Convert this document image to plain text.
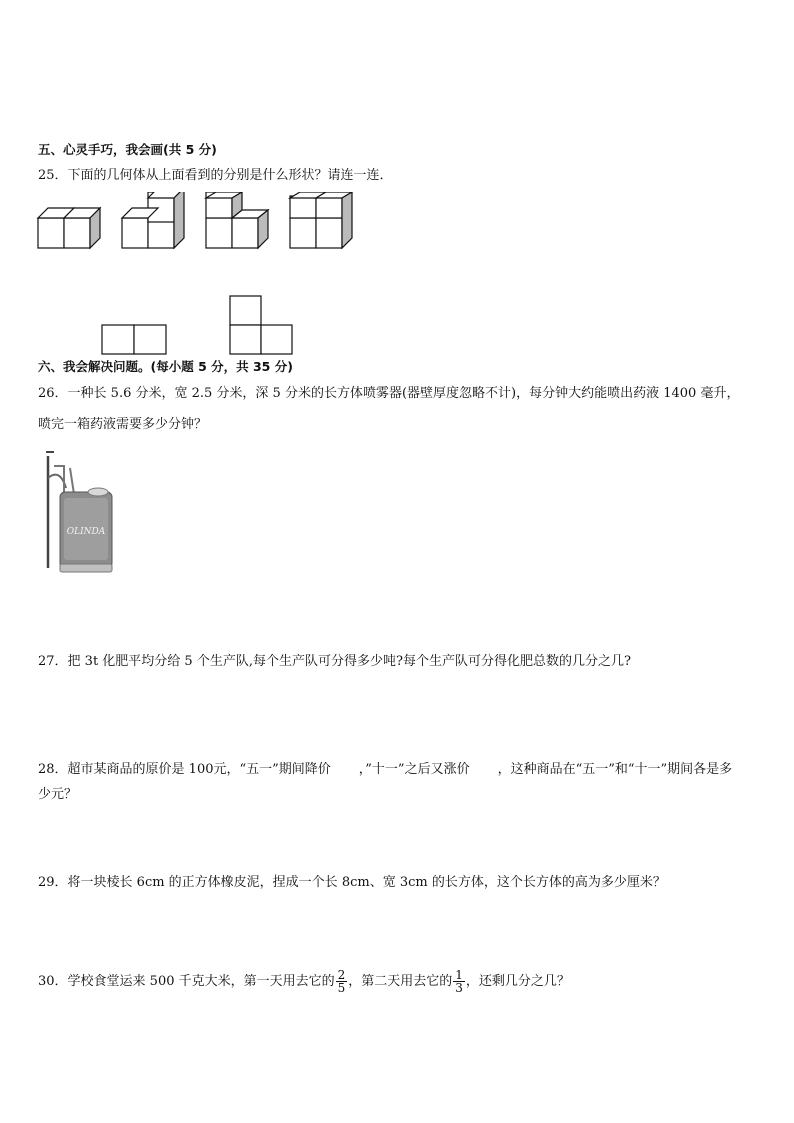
五、心灵手巧，我会画(共 5 分)
25．下面的几何体从上面看到的分别是什么形状？请连一连．
六、我会解决问题。(每小题 5 分，共 35 分)
26．一种长 5.6 分米，宽 2.5 分米，深 5 分米的长方体喷雾器(器壁厚度忽略不计)，每分钟大约能喷出药液 1400 毫升，
喷完一箱药液需要多少分钟？
OLINDA
27．把 3t 化肥平均分给 5 个生产队,每个生产队可分得多少吨?每个生产队可分得化肥总数的几分之几?
28．超市某商品的原价是 100元，“五一”期间降价 ，”十一”之后又涨价 ，这种商品在“五一”和“十一”期间各是多
少元？
29．将一块棱长 6cm 的正方体橡皮泥，捏成一个长 8cm、宽 3cm 的长方体，这个长方体的高为多少厘米？
30．学校食堂运来 500 千克大米，第一天用去它的 $\frac{2}{5}$ ，第二天用去它的 $\frac{1}{3}$ ，还剩几分之几？
